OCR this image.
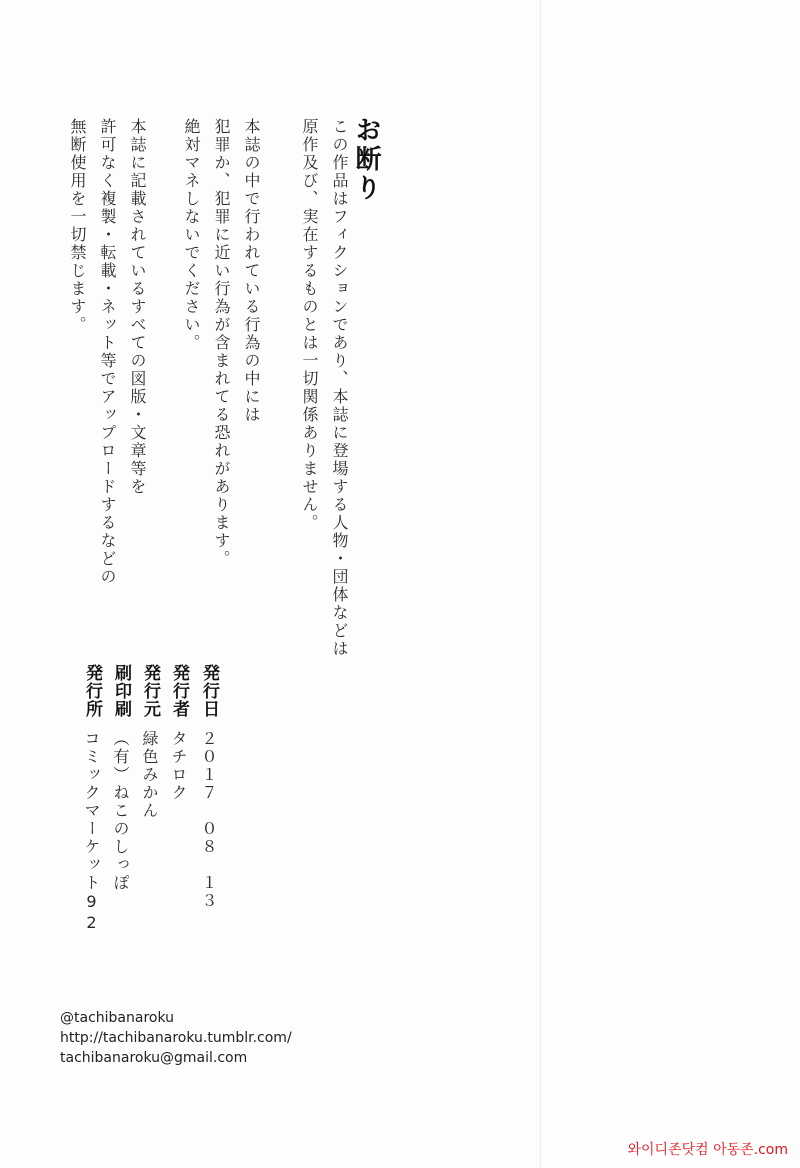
お断り
この作品はフィクションであり、本誌に登場する人物・団体などは
原作及び、実在するものとは一切関係ありません。
本誌の中で行われている行為の中には
犯罪か、犯罪に近い行為が含まれてる恐れがあります。
絶対マネしないでください。
本誌に記載されているすべての図版・文章等を
許可なく複製・転載・ネット等でアップロードするなどの
無断使用を一切禁じます。
発行日
２０１７　０８　１３
発行者
タチロク
発行元
緑色みかん
刷印刷
（有）ねこのしっぽ
発行所
コミックマーケット92
@tachibanaroku
http://tachibanaroku.tumblr.com/
tachibanaroku@gmail.com
와이디존닷컴 아동존.com
